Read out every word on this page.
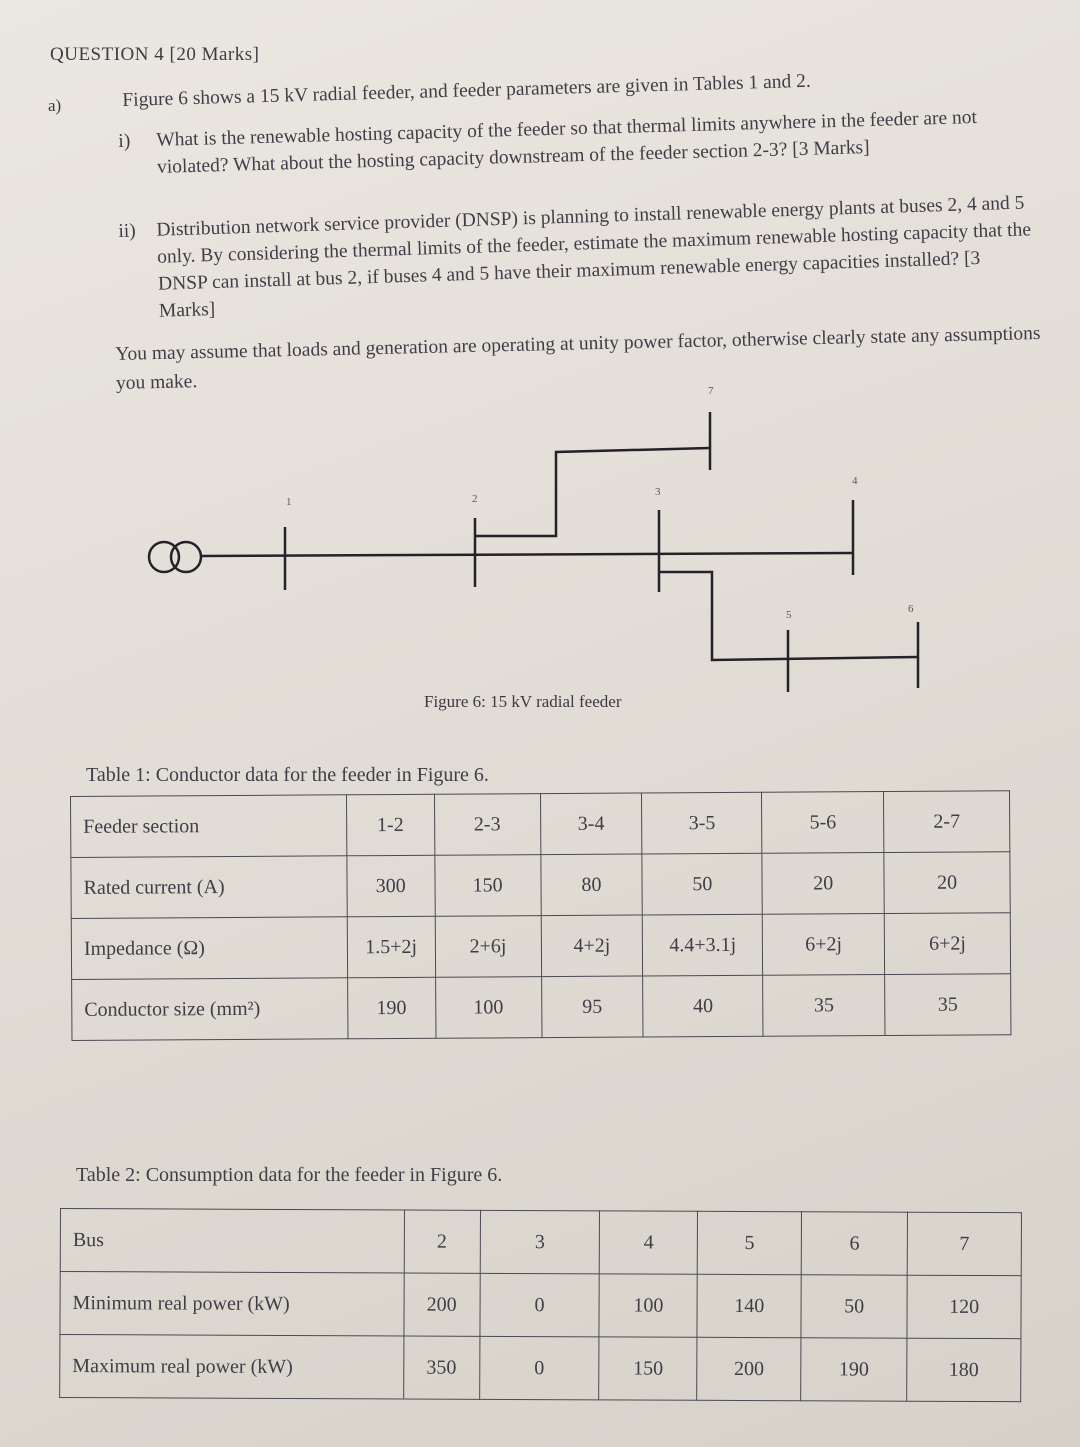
QUESTION 4 [20 Marks]
a)	Figure 6 shows a 15 kV radial feeder, and feeder parameters are given in Tables 1 and 2.
i) What is the renewable hosting capacity of the feeder so that thermal limits anywhere in the feeder are not violated? What about the hosting capacity downstream of the feeder section 2-3? [3 Marks]
ii) Distribution network service provider (DNSP) is planning to install renewable energy plants at buses 2, 4 and 5 only. By considering the thermal limits of the feeder, estimate the maximum renewable hosting capacity that the DNSP can install at bus 2, if buses 4 and 5 have their maximum renewable energy capacities installed? [3 Marks]
You may assume that loads and generation are operating at unity power factor, otherwise clearly state any assumptions you make.
1	2
3
4
5	6
7
Figure 6: 15 kV radial feeder
Table 1: Conductor data for the feeder in Figure 6.
Feeder section	1-2	2-3	3-4	3-5	5-6	2-7
Rated current (A)	300	150	80	50	20	20
Impedance (Ω)	1.5+2j	2+6j	4+2j	4.4+3.1j	6+2j	6+2j
Conductor size (mm²)	190	100	95	40	35	35
Table 2: Consumption data for the feeder in Figure 6.
Bus	2	3	4	5	6	7
Minimum real power (kW)	200	0	100	140	50	120
Maximum real power (kW)	350	0	150	200	190	180
